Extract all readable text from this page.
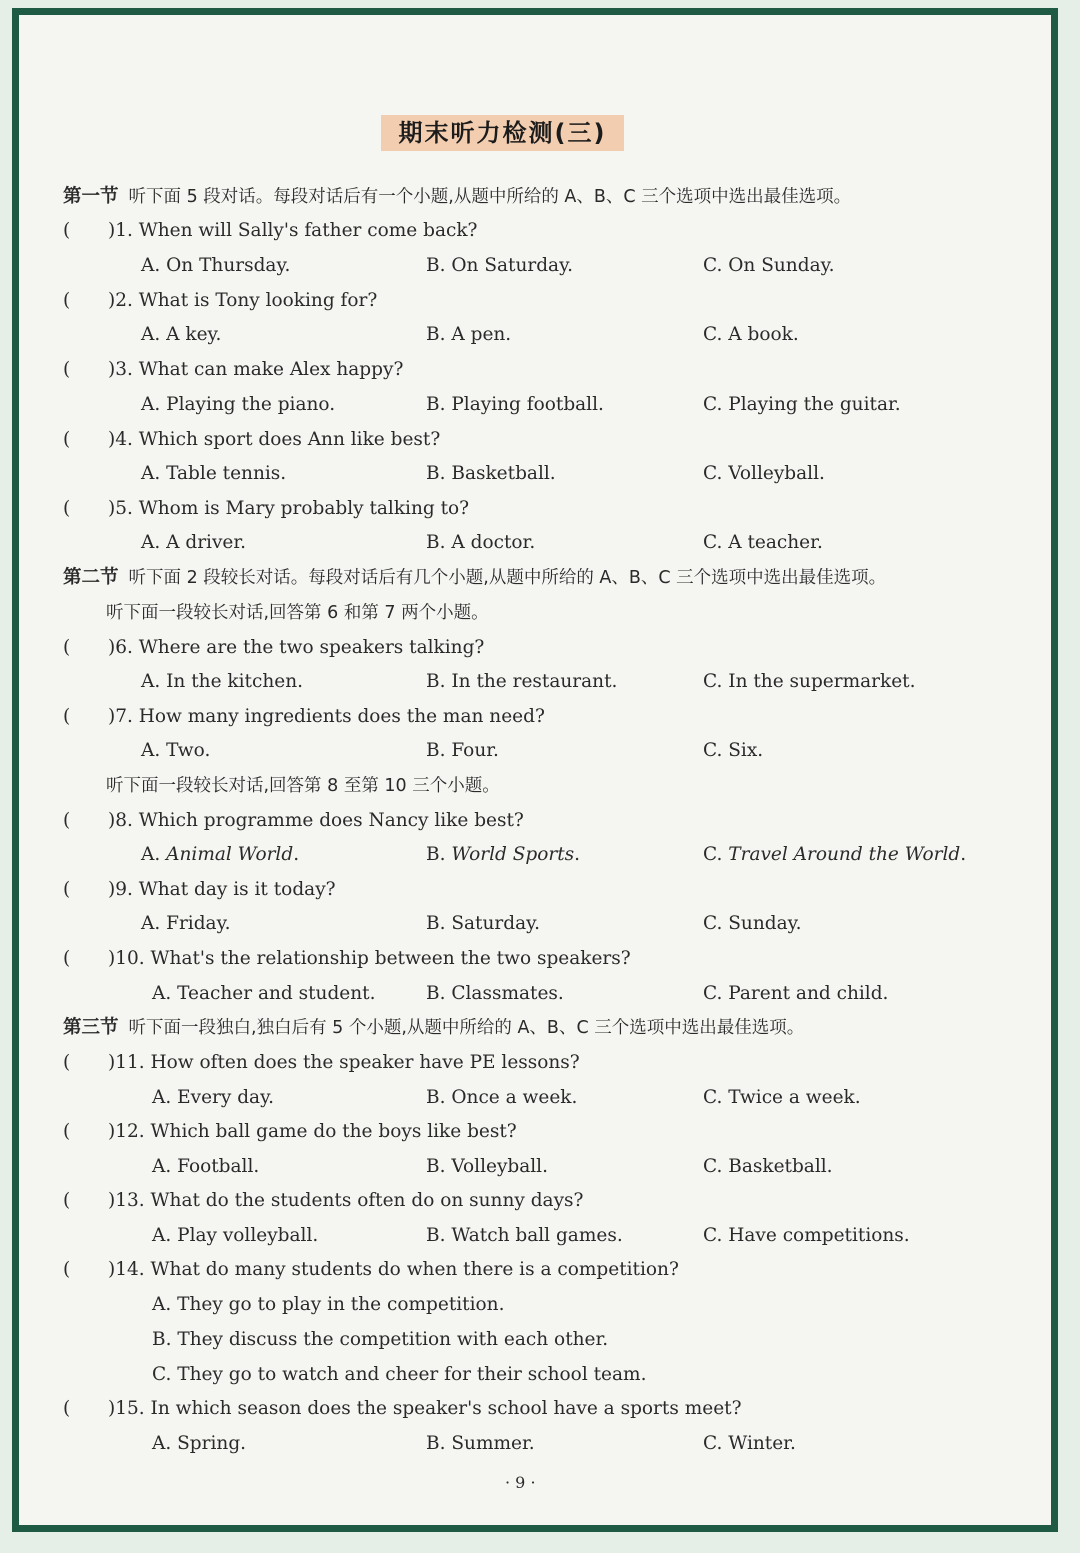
期末听力检测(三)
第一节 听下面 5 段对话。每段对话后有一个小题,从题中所给的 A、B、C 三个选项中选出最佳选项。
( )1. When will Sally's father come back?
A. On Thursday.	B. On Saturday.	C. On Sunday.
( )2. What is Tony looking for?
A. A key.	B. A pen.	C. A book.
( )3. What can make Alex happy?
A. Playing the piano.	B. Playing football.	C. Playing the guitar.
( )4. Which sport does Ann like best?
A. Table tennis.	B. Basketball.	C. Volleyball.
( )5. Whom is Mary probably talking to?
A. A driver.	B. A doctor.	C. A teacher.
第二节 听下面 2 段较长对话。每段对话后有几个小题,从题中所给的 A、B、C 三个选项中选出最佳选项。
听下面一段较长对话,回答第 6 和第 7 两个小题。
( )6. Where are the two speakers talking?
A. In the kitchen.	B. In the restaurant.	C. In the supermarket.
( )7. How many ingredients does the man need?
A. Two.	B. Four.	C. Six.
听下面一段较长对话,回答第 8 至第 10 三个小题。
( )8. Which programme does Nancy like best?
A. Animal World.	B. World Sports.	C. Travel Around the World.
( )9. What day is it today?
A. Friday.	B. Saturday.	C. Sunday.
( )10. What's the relationship between the two speakers?
A. Teacher and student.	B. Classmates.	C. Parent and child.
第三节 听下面一段独白,独白后有 5 个小题,从题中所给的 A、B、C 三个选项中选出最佳选项。
( )11. How often does the speaker have PE lessons?
A. Every day.	B. Once a week.	C. Twice a week.
( )12. Which ball game do the boys like best?
A. Football.	B. Volleyball.	C. Basketball.
( )13. What do the students often do on sunny days?
A. Play volleyball.	B. Watch ball games.	C. Have competitions.
( )14. What do many students do when there is a competition?
A. They go to play in the competition.
B. They discuss the competition with each other.
C. They go to watch and cheer for their school team.
( )15. In which season does the speaker's school have a sports meet?
A. Spring.	B. Summer.	C. Winter.
· 9 ·
